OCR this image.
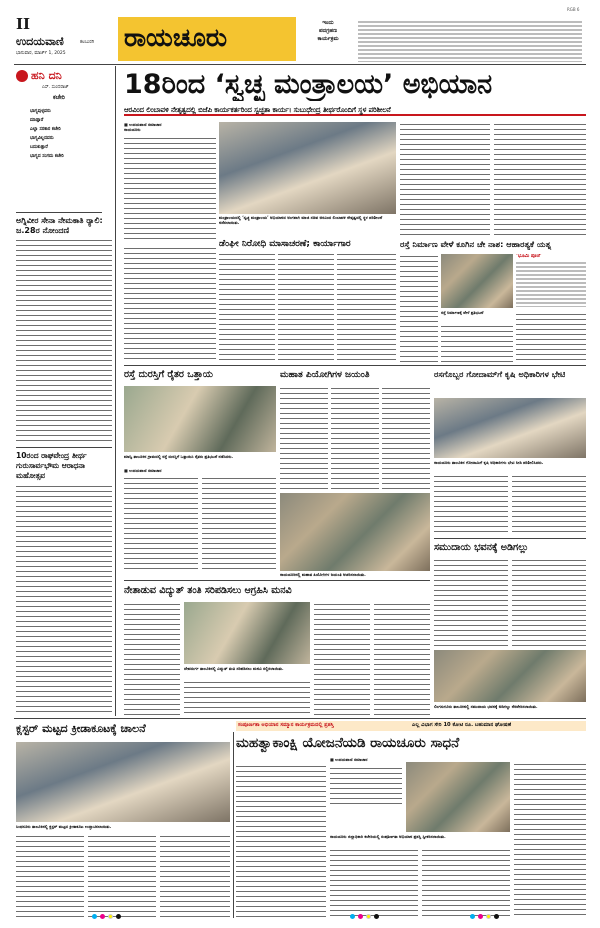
II
ಉದಯವಾಣಿ	ಕಲಬುರಗಿ
ಭಾನುವಾರ, ಮಾರ್ಚ್ 1, 2025
ರಾಯಚೂರು	ಇಂದು
ಪದಗ್ರಹಣ
ಕಾರ್ಯಕ್ರಮ
RGB 6
ಹನಿ ದನಿ
ಎಸ್. ಸುಂದರಾಜ್
ಕಚೇರಿ
ಭಾಗ್ಯವುಳ್ಳವರು
ಮಾಡ್ತಾರೆ
ಎಲ್ಲಾ ಸರಕಾರ ಕಚೇರಿ
ಭಾಗ್ಯವಿಲ್ಲದವರು
ಬದುಕುತ್ತಾರೆ
ಭಾಗ್ಯದ ಸಂಗಮ ಕಚೇರಿ
ಅಗ್ನಿವೀರ ಸೇನಾ ನೇಮಕಾತಿ ರ್‍ಯಾಲಿ: ಜ.28ರ ನೋಂದಣಿ
10ರಂದ ರಾಘವೇಂದ್ರ ತೀರ್ಥ ಗುರುಸಾರ್ವಭೌಮ ಆರಾಧನಾ ಮಹೋತ್ಸವ
18ರಿಂದ ‘ಸ್ವಚ್ಛ ಮಂತ್ರಾಲಯ’ ಅಭಿಯಾನ
ಆರವಿಂದ ಲಿಂಬಾವಳಿ ನೇತೃತ್ವದಲ್ಲಿ ಬಿಜೆಪಿ ಕಾರ್ಯಕರ್ತರಿಂದ ಸ್ವಚ್ಛತಾ ಕಾರ್ಯ। ಸುಬುಧೇಂದ್ರ ತೀರ್ಥರೊಂದಿಗೆ ಸ್ಥಳ ಪರಿಶೀಲನೆ
■ ಉದಯವಾಣಿ ಸಮಾಚಾರ
ರಾಯಚೂರು
ಮಂತ್ರಾಲಯದಲ್ಲಿ ‘ಸ್ವಚ್ಛ ಮಂತ್ರಾಲಯ’ ಅಭಿಯಾನದ ಅಂಗವಾಗಿ ಮಾಜಿ ಸಚಿವ ಅರವಿಂದ ಲಿಂಬಾವಳಿ ನೇತೃತ್ವದಲ್ಲಿ ಸ್ಥಳ ಪರಿಶೀಲನೆ ನಡೆಸಲಾಯಿತು.
ಡೆಂಘೀ ನಿರೋಧಿ ಮಾಸಾಚರಣೆ; ಕಾರ್ಯಾಗಾರ	ರಸ್ತೆ ನಿರ್ಮಾಣ ವೇಳೆ ಕೂಗಿನ ಚೇ ನಾಶ: ಆಹಾರತ್ಯಕೆ ಯತ್ನ
‘ಭೂಮಿ ಪೂಜೆ’
ರಸ್ತೆ ನಿರ್ಮಾಣಕ್ಕೆ ವೇಳೆ ಪ್ರತಿಭಟನೆ
ರಸ್ತೆ ದುರಸ್ತಿಗೆ ರೈತರ ಒತ್ತಾಯ
ಮಾನ್ವಿ ತಾಲೂಕಿನ ಗ್ರಾಮದಲ್ಲಿ ರಸ್ತೆ ದುರಸ್ತಿಗೆ ಒತ್ತಾಯಿಸಿ ರೈತರು ಪ್ರತಿಭಟನೆ ನಡೆಸಿದರು.
■ ಉದಯವಾಣಿ ಸಮಾಚಾರ
ಮಹಾತ ಪಿಯೋಗಿಗಳ ಜಯಂತಿ
ರಾಯಚೂರಿನಲ್ಲಿ ಮಹಾತ ಪಿಯೋಗಿಗಳ ಜಯಂತಿ ಆಚರಿಸಲಾಯಿತು.
ರಸಗೊಬ್ಬರ ಗೋದಾಮ್‌ಗೆ ಕೃಷಿ ಅಧಿಕಾರಿಗಳ ಭೇಟಿ
ರಾಯಚೂರು ತಾಲೂಕಿನ ಗೋದಾಮಿಗೆ ಕೃಷಿ ಅಧಿಕಾರಿಗಳು ಭೇಟಿ ನೀಡಿ ಪರಿಶೀಲಿಸಿದರು.
ನೇತಾಡುವ ವಿದ್ಯುತ್ ತಂತಿ ಸರಿಪಡಿಸಲು ಆಗ್ರಹಿಸಿ ಮನವಿ
ದೇವದುರ್ಗ ತಾಲೂಕಿನಲ್ಲಿ ವಿದ್ಯುತ್ ತಂತಿ ಸರಿಪಡಿಸಲು ಮನವಿ ಸಲ್ಲಿಸಲಾಯಿತು.
ಸಮುದಾಯ ಭವನಕ್ಕೆ ಅಡಿಗಲ್ಲು
ಲಿಂಗಸುಗೂರು ತಾಲೂಕಿನಲ್ಲಿ ಸಮುದಾಯ ಭವನಕ್ಕೆ ಅಡಿಗಲ್ಲು ನೆರವೇರಿಸಲಾಯಿತು.
ಸಂಪೂರ್ಣತಾ ಅಭಿಯಾನ ಸಮ್ಮಾನ ಕಾರ್ಯಕ್ರಮದಲ್ಲಿ ಪ್ರಶಸ್ತಿ	ಎಲ್ಲ ವಿಭಾಗ ಸೇರಿ 10 ಕೋಟಿ ರೂ. ಬಹುಮಾನ ಘೋಷಣೆ
ಕ್ಲಸ್ಟರ್ ಮಟ್ಟದ ಕ್ರೀಡಾಕೂಟಕ್ಕೆ ಚಾಲನೆ
ಸಿಂಧನೂರು ತಾಲೂಕಿನಲ್ಲಿ ಕ್ಲಸ್ಟರ್ ಮಟ್ಟದ ಕ್ರೀಡಾಕೂಟ ಉದ್ಘಾಟಿಸಲಾಯಿತು.
ಮಹತ್ವಾಕಾಂಕ್ಷಿ ಯೋಜನೆಯಡಿ ರಾಯಚೂರು ಸಾಧನೆ
■ ಉದಯವಾಣಿ ಸಮಾಚಾರ
ರಾಯಚೂರು ಜಿಲ್ಲಾಧಿಕಾರಿ ಕಚೇರಿಯಲ್ಲಿ ಸಂಪೂರ್ಣತಾ ಅಭಿಯಾನ ಪ್ರಶಸ್ತಿ ಸ್ವೀಕರಿಸಲಾಯಿತು.
